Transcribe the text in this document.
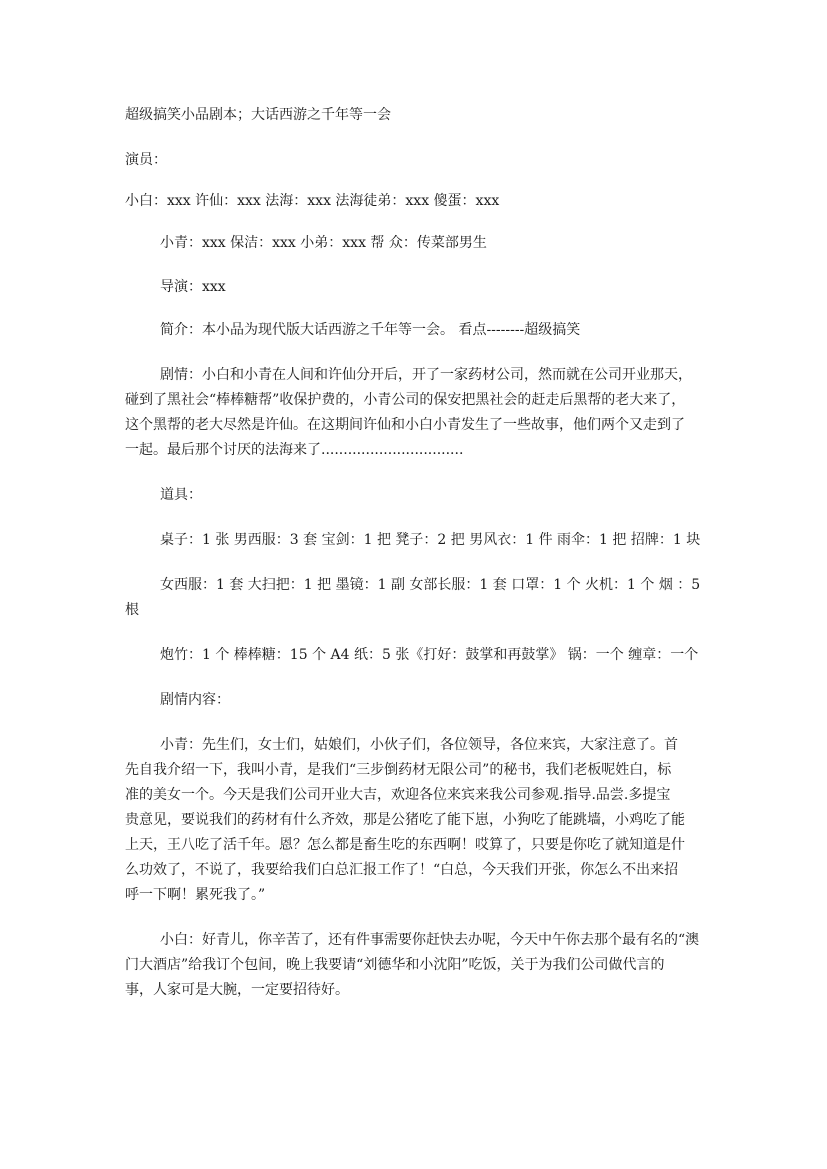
超级搞笑小品剧本；大话西游之千年等一会

演员：

小白：xxx 许仙：xxx 法海：xxx 法海徒弟：xxx 傻蛋：xxx

小青：xxx 保洁：xxx 小弟：xxx 帮 众：传菜部男生

导演：xxx

简介：本小品为现代版大话西游之千年等一会。 看点--------超级搞笑

剧情：小白和小青在人间和许仙分开后，开了一家药材公司，然而就在公司开业那天，

碰到了黑社会“棒棒糖帮”收保护费的，小青公司的保安把黑社会的赶走后黑帮的老大来了，

这个黑帮的老大尽然是许仙。在这期间许仙和小白小青发生了一些故事，他们两个又走到了

一起。最后那个讨厌的法海来了................................

道具：

桌子：1 张 男西服：3 套 宝剑：1 把 凳子：2 把 男风衣：1 件 雨伞：1 把 招牌：1 块

女西服：1 套 大扫把：1 把 墨镜：1 副 女部长服：1 套 口罩：1 个 火机：1 个 烟 ：5

根

炮竹：1 个 棒棒糖：15 个 A4 纸：5 张《打好：鼓掌和再鼓掌》 锅：一个 缠章：一个

剧情内容：

小青：先生们，女士们，姑娘们，小伙子们，各位领导，各位来宾，大家注意了。首

先自我介绍一下，我叫小青，是我们“三步倒药材无限公司”的秘书，我们老板呢姓白，标

准的美女一个。今天是我们公司开业大吉，欢迎各位来宾来我公司参观.指导.品尝.多提宝

贵意见，要说我们的药材有什么齐效，那是公猪吃了能下崽，小狗吃了能跳墙，小鸡吃了能

上天，王八吃了活千年。恩？怎么都是畜生吃的东西啊！哎算了，只要是你吃了就知道是什

么功效了，不说了，我要给我们白总汇报工作了！“白总，今天我们开张，你怎么不出来招

呼一下啊！累死我了。”

小白：好青儿，你辛苦了，还有件事需要你赶快去办呢，今天中午你去那个最有名的“澳

门大酒店”给我订个包间，晚上我要请“刘德华和小沈阳”吃饭，关于为我们公司做代言的

事，人家可是大腕，一定要招待好。
